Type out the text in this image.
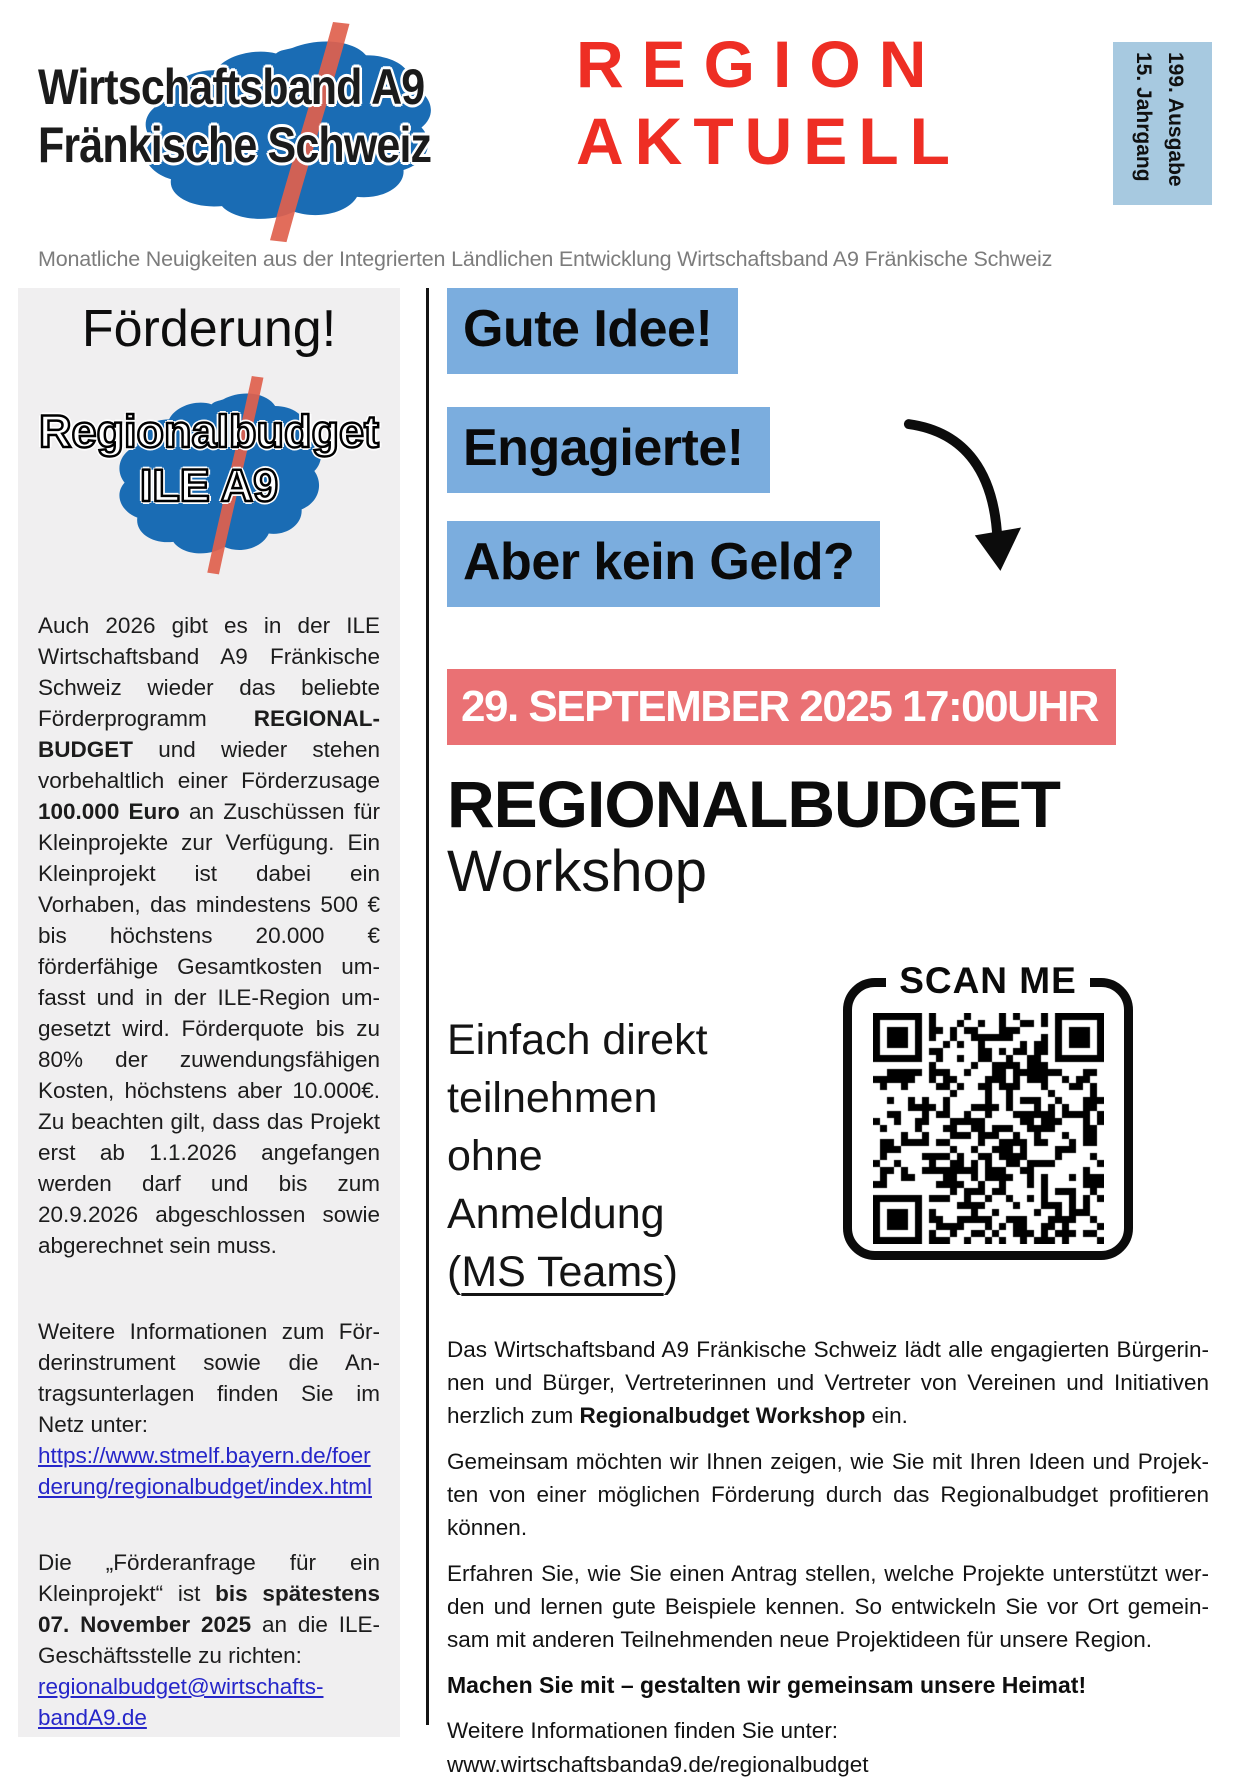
Wirtschaftsband A9
Fränkische Schweiz
REGION
AKTUELL	15. Jahrgang 199. Ausgabe
Monatliche Neuigkeiten aus der Integrierten Ländlichen Entwicklung Wirtschaftsband A9 Fränkische Schweiz
Förderung!
Regionalbudget
ILE A9

Auch 2026 gibt es in der ILE Wirtschaftsband A9 Fränkische Schweiz wieder das beliebte Förderprogramm REGIONALBUDGET und wieder stehen vorbehaltlich einer Förderzusage 100.000 Euro an Zuschüssen für Kleinprojekte zur Verfügung. Ein Kleinprojekt ist dabei ein Vorhaben, das mindestens 500 € bis höchstens 20.000 € förderfähige Gesamtkosten umfasst und in der ILE-Region umgesetzt wird. Förderquote bis zu 80% der zuwendungsfähigen Kosten, höchstens aber 10.000€. Zu beachten gilt, dass das Projekt erst ab 1.1.2026 angefangen werden darf und bis zum 20.9.2026 abgeschlossen sowie abgerechnet sein muss.

Weitere Informationen zum Förderinstrument sowie die Antragsunterlagen finden Sie im Netz unter:
https://www.stmelf.bayern.de/foerderung/regionalbudget/index.html

Die „Förderanfrage für ein Kleinprojekt“ ist bis spätestens 07. November 2025 an die ILE-Geschäftsstelle zu richten:
regionalbudget@wirtschaftsbandA9.de

Gute Idee!
Engagierte!
Aber kein Geld?
29. SEPTEMBER 2025 17:00UHR
REGIONALBUDGET
Workshop
Einfach direkt
teilnehmen
ohne
Anmeldung
(MS Teams)
SCAN ME

Das Wirtschaftsband A9 Fränkische Schweiz lädt alle engagierten Bürgerinnen und Bürger, Vertreterinnen und Vertreter von Vereinen und Initiativen herzlich zum Regionalbudget Workshop ein.

Gemeinsam möchten wir Ihnen zeigen, wie Sie mit Ihren Ideen und Projekten von einer möglichen Förderung durch das Regionalbudget profitieren können.

Erfahren Sie, wie Sie einen Antrag stellen, welche Projekte unterstützt werden und lernen gute Beispiele kennen. So entwickeln Sie vor Ort gemeinsam mit anderen Teilnehmenden neue Projektideen für unsere Region.

Machen Sie mit – gestalten wir gemeinsam unsere Heimat!

Weitere Informationen finden Sie unter:
www.wirtschaftsbanda9.de/regionalbudget
